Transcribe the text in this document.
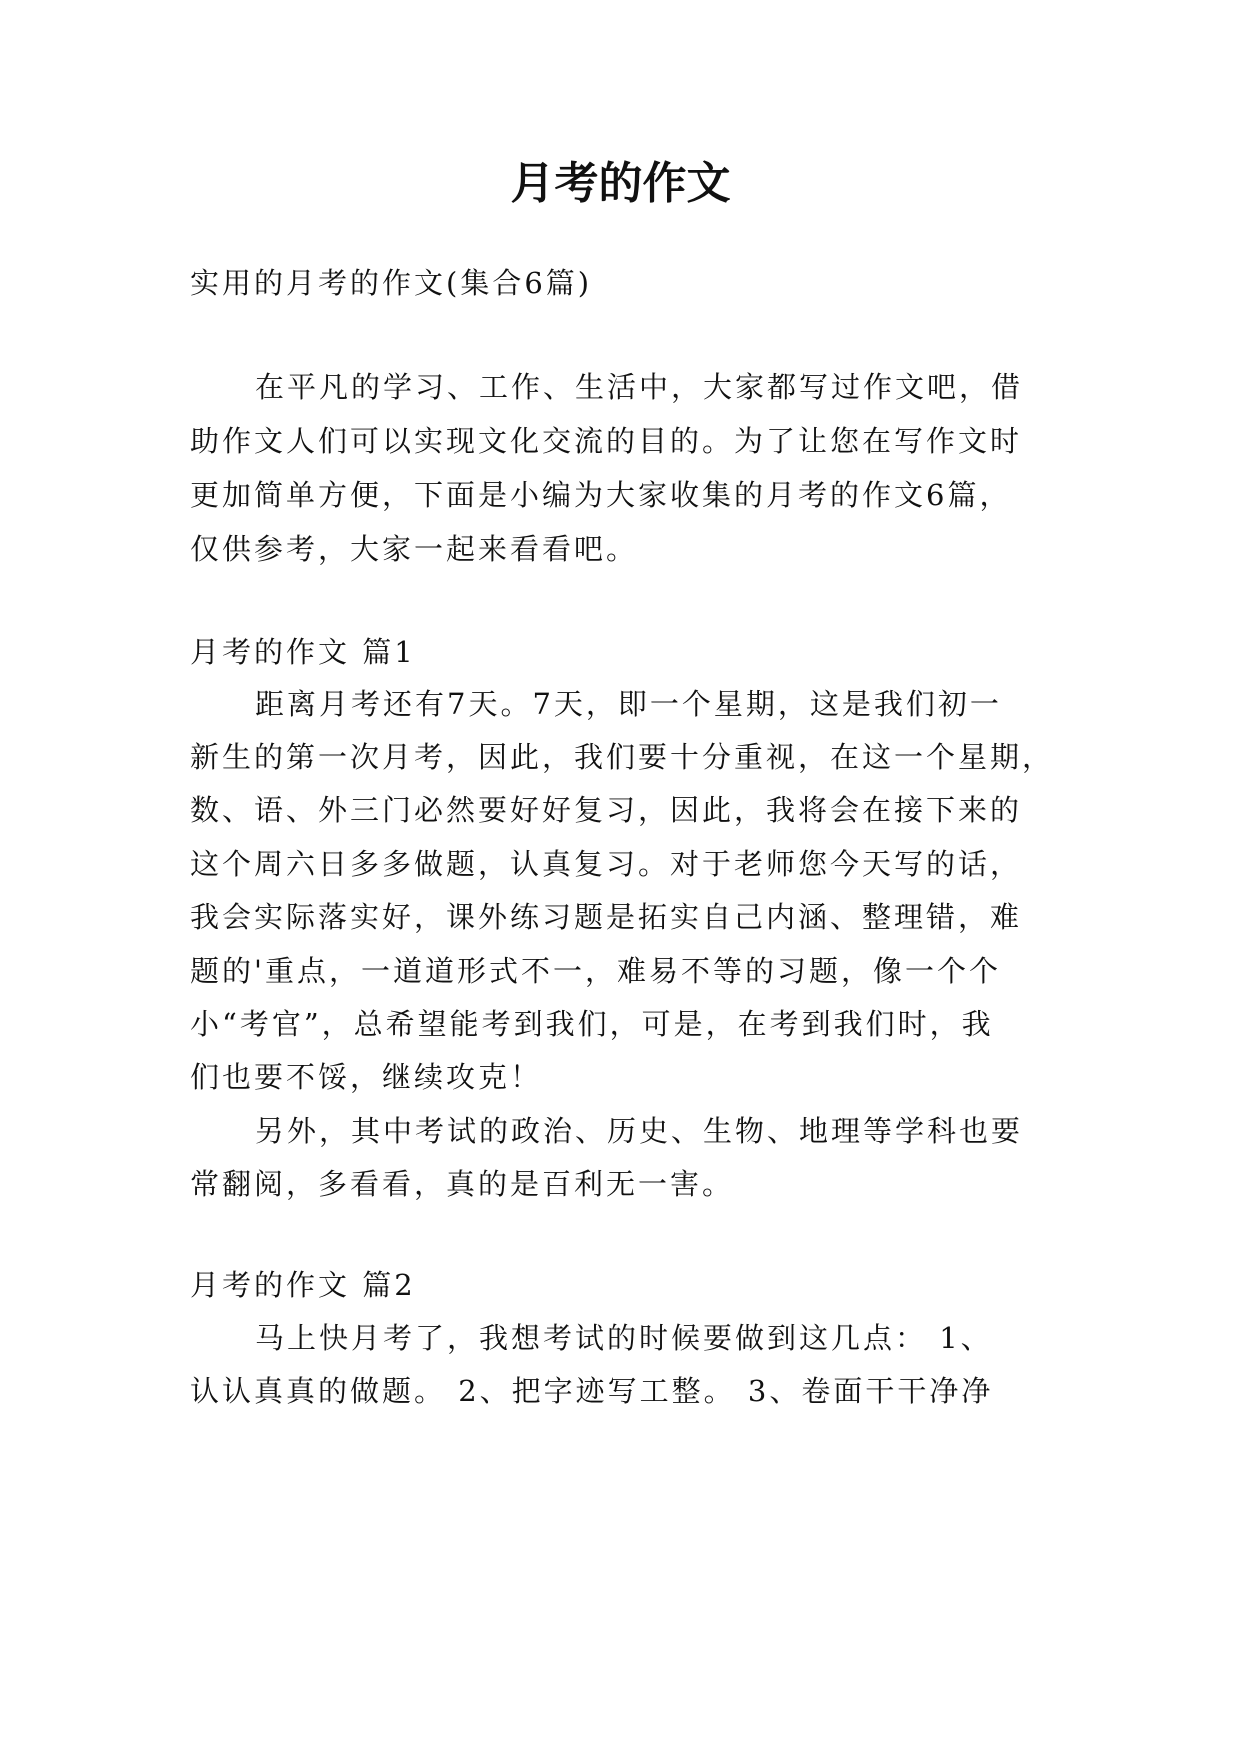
月考的作文

实用的月考的作文(集合6篇)

在平凡的学习、工作、生活中，大家都写过作文吧，借

助作文人们可以实现文化交流的目的。为了让您在写作文时

更加简单方便，下面是小编为大家收集的月考的作文6篇，

仅供参考，大家一起来看看吧。

月考的作文 篇1

距离月考还有7天。7天，即一个星期，这是我们初一

新生的第一次月考，因此，我们要十分重视，在这一个星期，

数、语、外三门必然要好好复习，因此，我将会在接下来的

这个周六日多多做题，认真复习。对于老师您今天写的话，

我会实际落实好，课外练习题是拓实自己内涵、整理错，难

题的'重点，一道道形式不一，难易不等的习题，像一个个

小“考官”，总希望能考到我们，可是，在考到我们时，我

们也要不馁，继续攻克！

另外，其中考试的政治、历史、生物、地理等学科也要

常翻阅，多看看，真的是百利无一害。

月考的作文 篇2

马上快月考了，我想考试的时候要做到这几点： 1、

认认真真的做题。 2、把字迹写工整。 3、卷面干干净净
